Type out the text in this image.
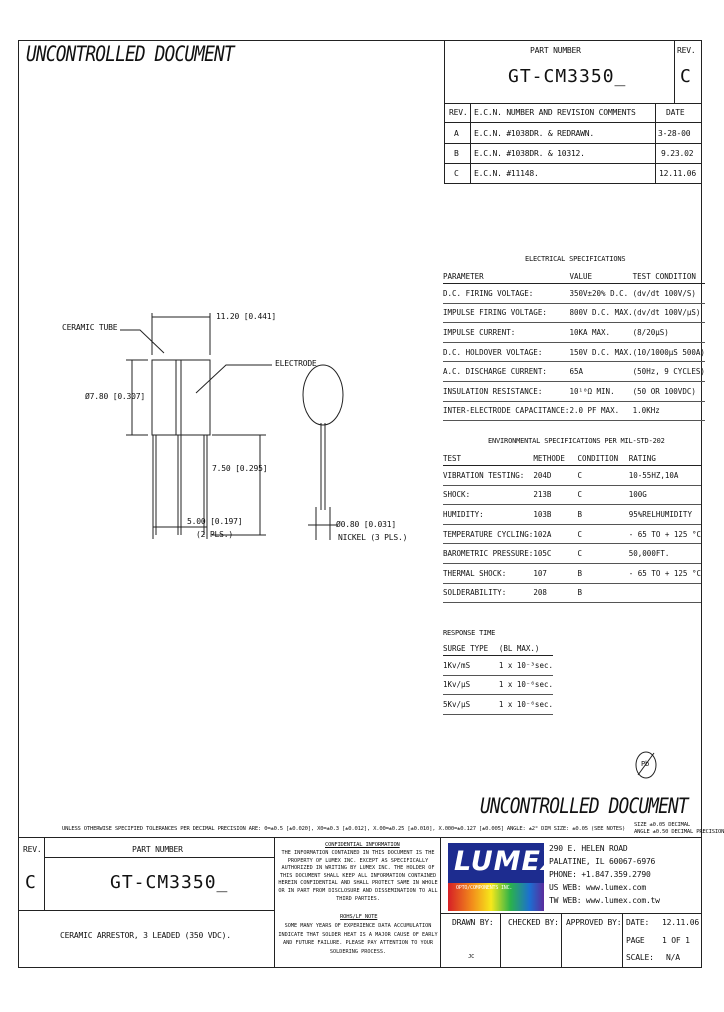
UNCONTROLLED DOCUMENT	PART NUMBER
GT-CM3350_
REV.
C
REV. E.C.N. NUMBER AND REVISION COMMENTS	DATE
A E.C.N. #1038DR. & REDRAWN.	3-28-00
B E.C.N. #1038DR. & 10312.	9.23.02
C E.C.N. #11148.	12.11.06
CERAMIC TUBE
ELECTRODE
11.20 [0.441]
Ø7.80 [0.307]
7.50 [0.295]
5.00 [0.197]
(2 PLS.)
Ø0.80 [0.031]
NICKEL (3 PLS.)
ELECTRICAL SPECIFICATIONS
PARAMETER	VALUE	TEST CONDITION
D.C. FIRING VOLTAGE:	350V±20% D.C.	(dv/dt 100V/S)
IMPULSE FIRING VOLTAGE:	800V D.C. MAX.	(dv/dt 100V/µS)
IMPULSE CURRENT:	10KA MAX.	(8/20µS)
D.C. HOLDOVER VOLTAGE:	150V D.C. MAX.	(10/1000µS 500A)
A.C. DISCHARGE CURRENT:	65A	(50Hz, 9 CYCLES)
INSULATION RESISTANCE:	10¹⁰Ω MIN.	(50 OR 100VDC)
INTER-ELECTRODE CAPACITANCE:	2.0 PF MAX.	1.0KHz
ENVIRONMENTAL SPECIFICATIONS PER MIL-STD-202
TEST	METHODE	CONDITION	RATING
VIBRATION TESTING:	204D	C	10-55HZ,10A
SHOCK:	213B	C	100G
HUMIDITY:	103B	B	95%RELHUMIDITY
TEMPERATURE CYCLING:	102A	C	- 65 TO + 125 °C
BAROMETRIC PRESSURE:	105C	C	50,000FT.
THERMAL SHOCK:	107	B	- 65 TO + 125 °C
SOLDERABILITY:	208	B	
RESPONSE TIME
SURGE TYPE	(BL MAX.)
1Kv/mS	1 x 10⁻³sec.
1Kv/µS	1 x 10⁻⁶sec.
5Kv/µS	1 x 10⁻⁶sec.
Pb
UNCONTROLLED DOCUMENT
UNLESS OTHERWISE SPECIFIED TOLERANCES PER DECIMAL PRECISION ARE: 0=±0.5 [±0.020], X0=±0.3 [±0.012], X.00=±0.25 [±0.010], X.000=±0.127 [±0.005] ANGLE: ±2° DIM SIZE: ±0.05 (SEE NOTES)
SIZE ±0.05 DECIMAL
ANGLE ±0.50 DECIMAL PRECISION
REV.
C
PART NUMBER
GT-CM3350_
CERAMIC ARRESTOR, 3 LEADED (350 VDC).
CONFIDENTIAL INFORMATION
THE INFORMATION CONTAINED IN THIS DOCUMENT IS THE PROPERTY OF LUMEX INC. EXCEPT AS SPECIFICALLY AUTHORIZED IN WRITING BY LUMEX INC. THE HOLDER OF THIS DOCUMENT SHALL KEEP ALL INFORMATION CONTAINED HEREIN CONFIDENTIAL AND SHALL PROTECT SAME IN WHOLE OR IN PART FROM DISCLOSURE AND DISSEMINATION TO ALL THIRD PARTIES.
ROHS/LF NOTE
SOME MANY YEARS OF EXPERIENCE DATA ACCUMULATION INDICATE THAT SOLDER HEAT IS A MAJOR CAUSE OF EARLY AND FUTURE FAILURE. PLEASE PAY ATTENTION TO YOUR SOLDERING PROCESS.
LUMEX
OPTO/COMPONENTS INC.
290 E. HELEN ROAD
PALATINE, IL 60067-6976
PHONE: +1.847.359.2790
US WEB: www.lumex.com
TW WEB: www.lumex.com.tw
DRAWN BY:
JC
CHECKED BY: APPROVED BY: DATE: 12.11.06
PAGE 1 OF 1
SCALE: N/A
